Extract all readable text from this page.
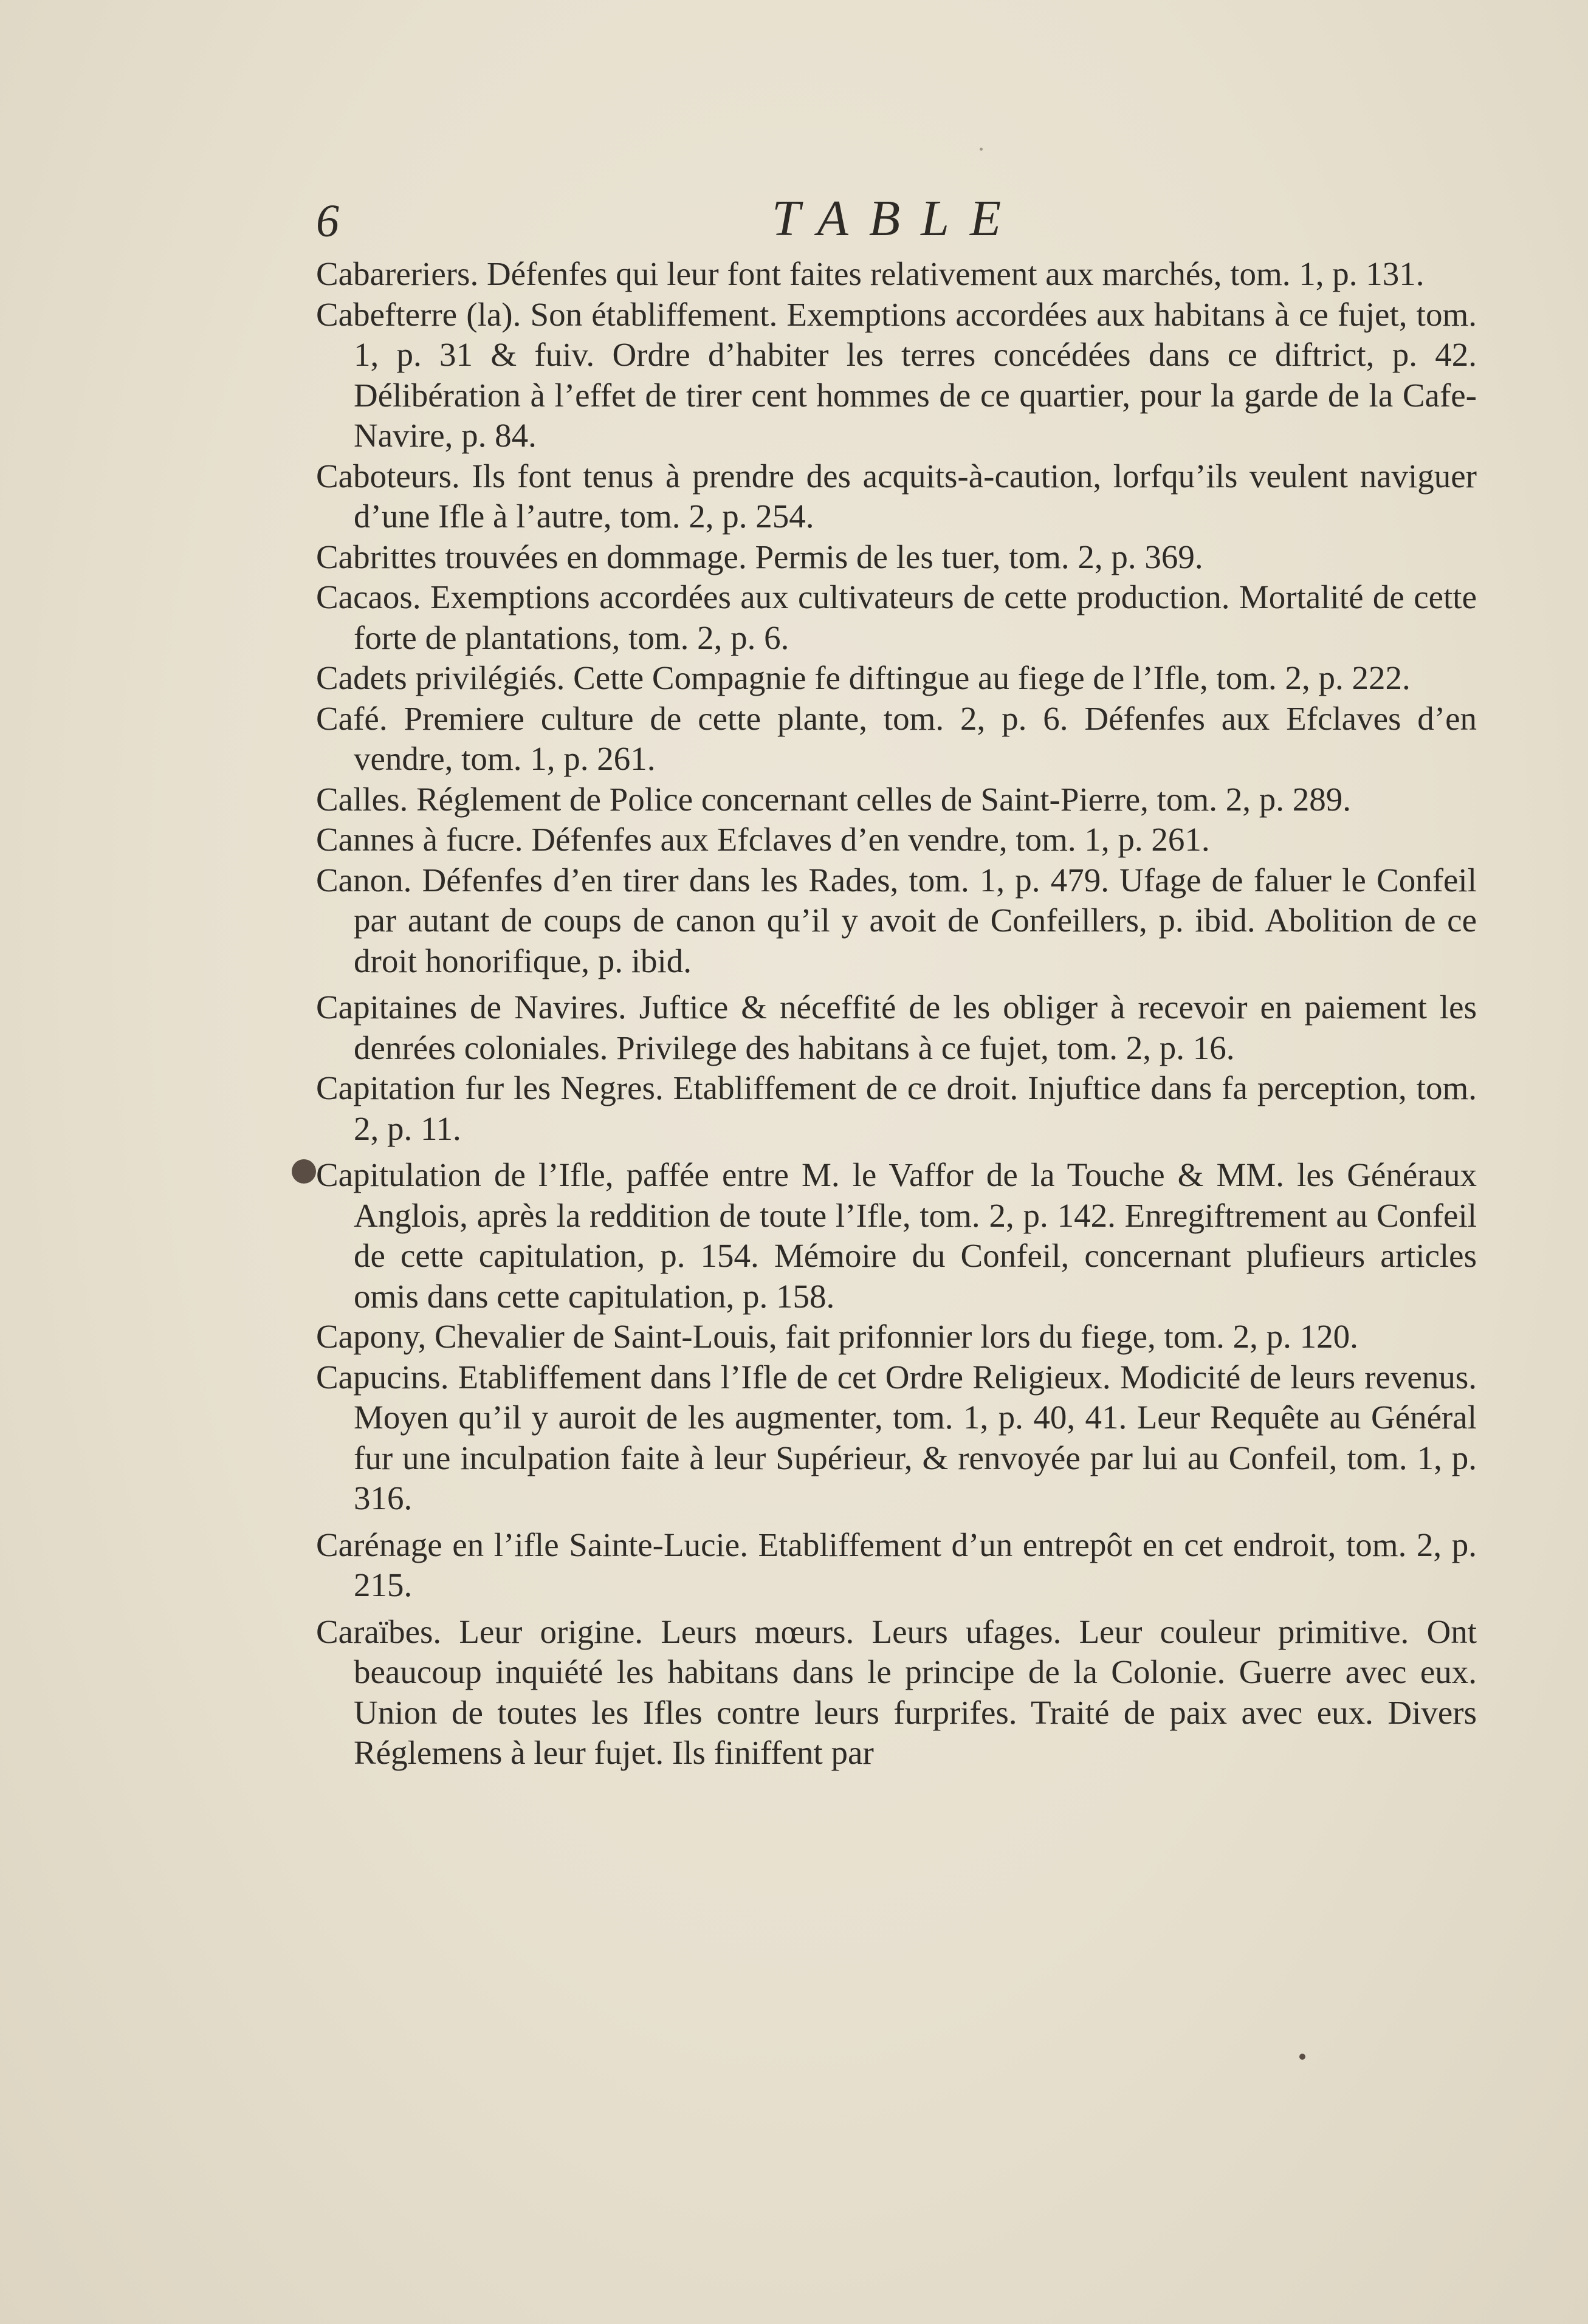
6	TABLE

Cabareriers. Défenfes qui leur font faites relativement aux marchés, tom. 1, p. 131.

Cabefterre (la). Son établiffement. Exemptions accordées aux habitans à ce fujet, tom. 1, p. 31 & fuiv. Ordre d’habiter les terres concédées dans ce diftrict, p. 42. Délibération à l’effet de tirer cent hommes de ce quartier, pour la garde de la Cafe-Navire, p. 84.

Caboteurs. Ils font tenus à prendre des acquits-à-caution, lorfqu’ils veulent naviguer d’une Ifle à l’autre, tom. 2, p. 254.

Cabrittes trouvées en dommage. Permis de les tuer, tom. 2, p. 369.

Cacaos. Exemptions accordées aux cultivateurs de cette production. Mortalité de cette forte de plantations, tom. 2, p. 6.

Cadets privilégiés. Cette Compagnie fe diftingue au fiege de l’Ifle, tom. 2, p. 222.

Café. Premiere culture de cette plante, tom. 2, p. 6. Défenfes aux Efclaves d’en vendre, tom. 1, p. 261.

Calles. Réglement de Police concernant celles de Saint-Pierre, tom. 2, p. 289.

Cannes à fucre. Défenfes aux Efclaves d’en vendre, tom. 1, p. 261.

Canon. Défenfes d’en tirer dans les Rades, tom. 1, p. 479. Ufage de faluer le Confeil par autant de coups de canon qu’il y avoit de Confeillers, p. ibid. Abolition de ce droit honorifique, p. ibid.

Capitaines de Navires. Juftice & néceffité de les obliger à recevoir en paiement les denrées coloniales. Privilege des habitans à ce fujet, tom. 2, p. 16.

Capitation fur les Negres. Etabliffement de ce droit. Injuftice dans fa perception, tom. 2, p. 11.

Capitulation de l’Ifle, paffée entre M. le Vaffor de la Touche & MM. les Généraux Anglois, après la reddition de toute l’Ifle, tom. 2, p. 142. Enregiftrement au Confeil de cette capitulation, p. 154. Mémoire du Confeil, concernant plufieurs articles omis dans cette capitulation, p. 158.

Capony, Chevalier de Saint-Louis, fait prifonnier lors du fiege, tom. 2, p. 120.

Capucins. Etabliffement dans l’Ifle de cet Ordre Religieux. Modicité de leurs revenus. Moyen qu’il y auroit de les augmenter, tom. 1, p. 40, 41. Leur Requête au Général fur une inculpation faite à leur Supérieur, & renvoyée par lui au Confeil, tom. 1, p. 316.

Carénage en l’ifle Sainte-Lucie. Etabliffement d’un entrepôt en cet endroit, tom. 2, p. 215.

Caraïbes. Leur origine. Leurs mœurs. Leurs ufages. Leur couleur primitive. Ont beaucoup inquiété les habitans dans le principe de la Colonie. Guerre avec eux. Union de toutes les Ifles contre leurs furprifes. Traité de paix avec eux. Divers Réglemens à leur fujet. Ils finiffent par
